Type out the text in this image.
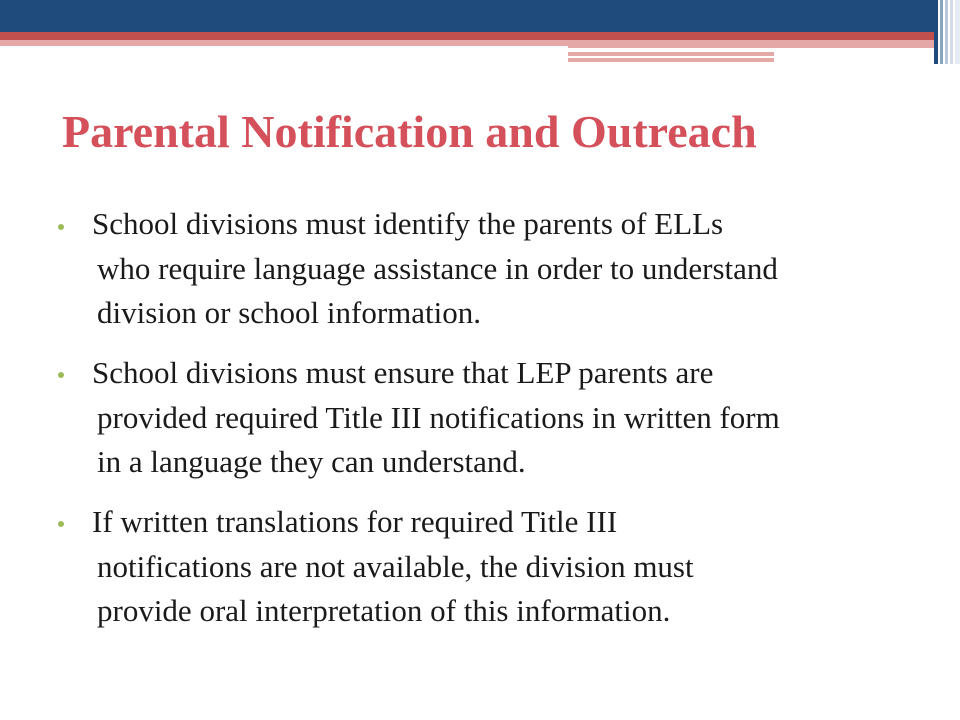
Parental Notification and Outreach
School divisions must identify the parents of ELLs
who require language assistance in order to understand
division or school information.
School divisions must ensure that LEP parents are
provided required Title III notifications in written form
in a language they can understand.
If written translations for required Title III
notifications are not available, the division must
provide oral interpretation of this information.
